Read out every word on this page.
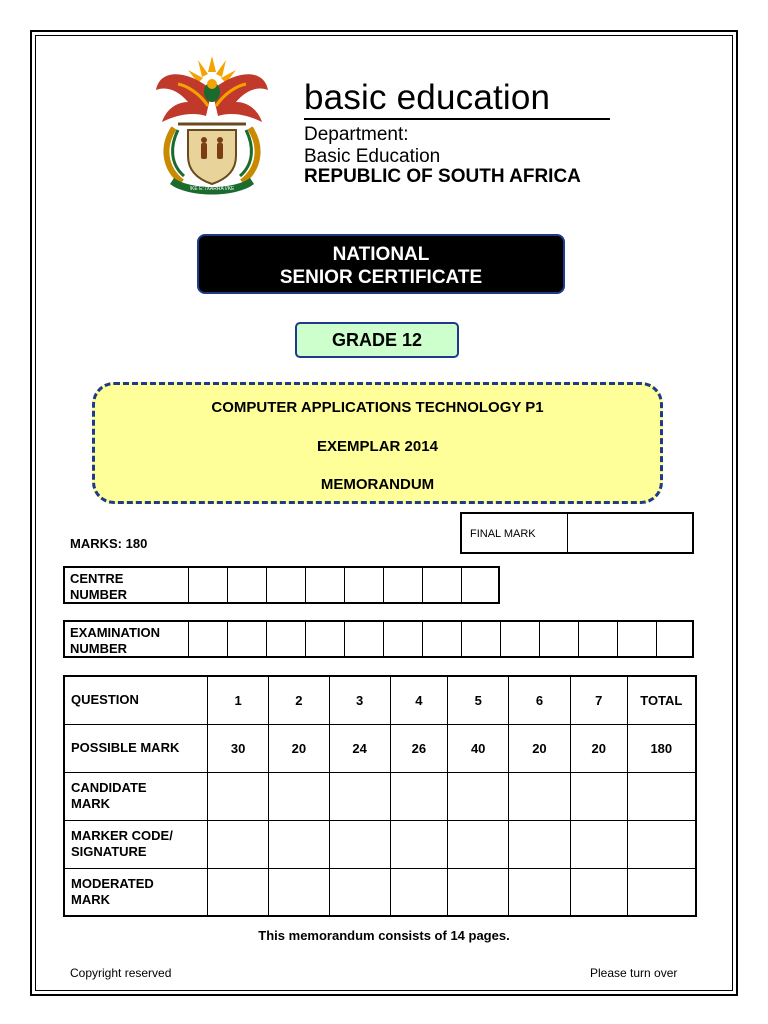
!KE E: /XARRA //KE
basic education
Department:
Basic Education
REPUBLIC OF SOUTH AFRICA
NATIONAL
SENIOR CERTIFICATE
GRADE 12
COMPUTER APPLICATIONS TECHNOLOGY P1
EXEMPLAR 2014
MEMORANDUM
FINAL MARK
MARKS: 180
CENTRE
NUMBER
EXAMINATION
NUMBER
QUESTION	1	2	3	4	5	6	7	TOTAL
POSSIBLE MARK	30	20	24	26	40	20	20	180

CANDIDATE
MARK								

MARKER CODE/
SIGNATURE								

MODERATED
MARK								

This memorandum consists of 14 pages.
Copyright reserved	Please turn over
